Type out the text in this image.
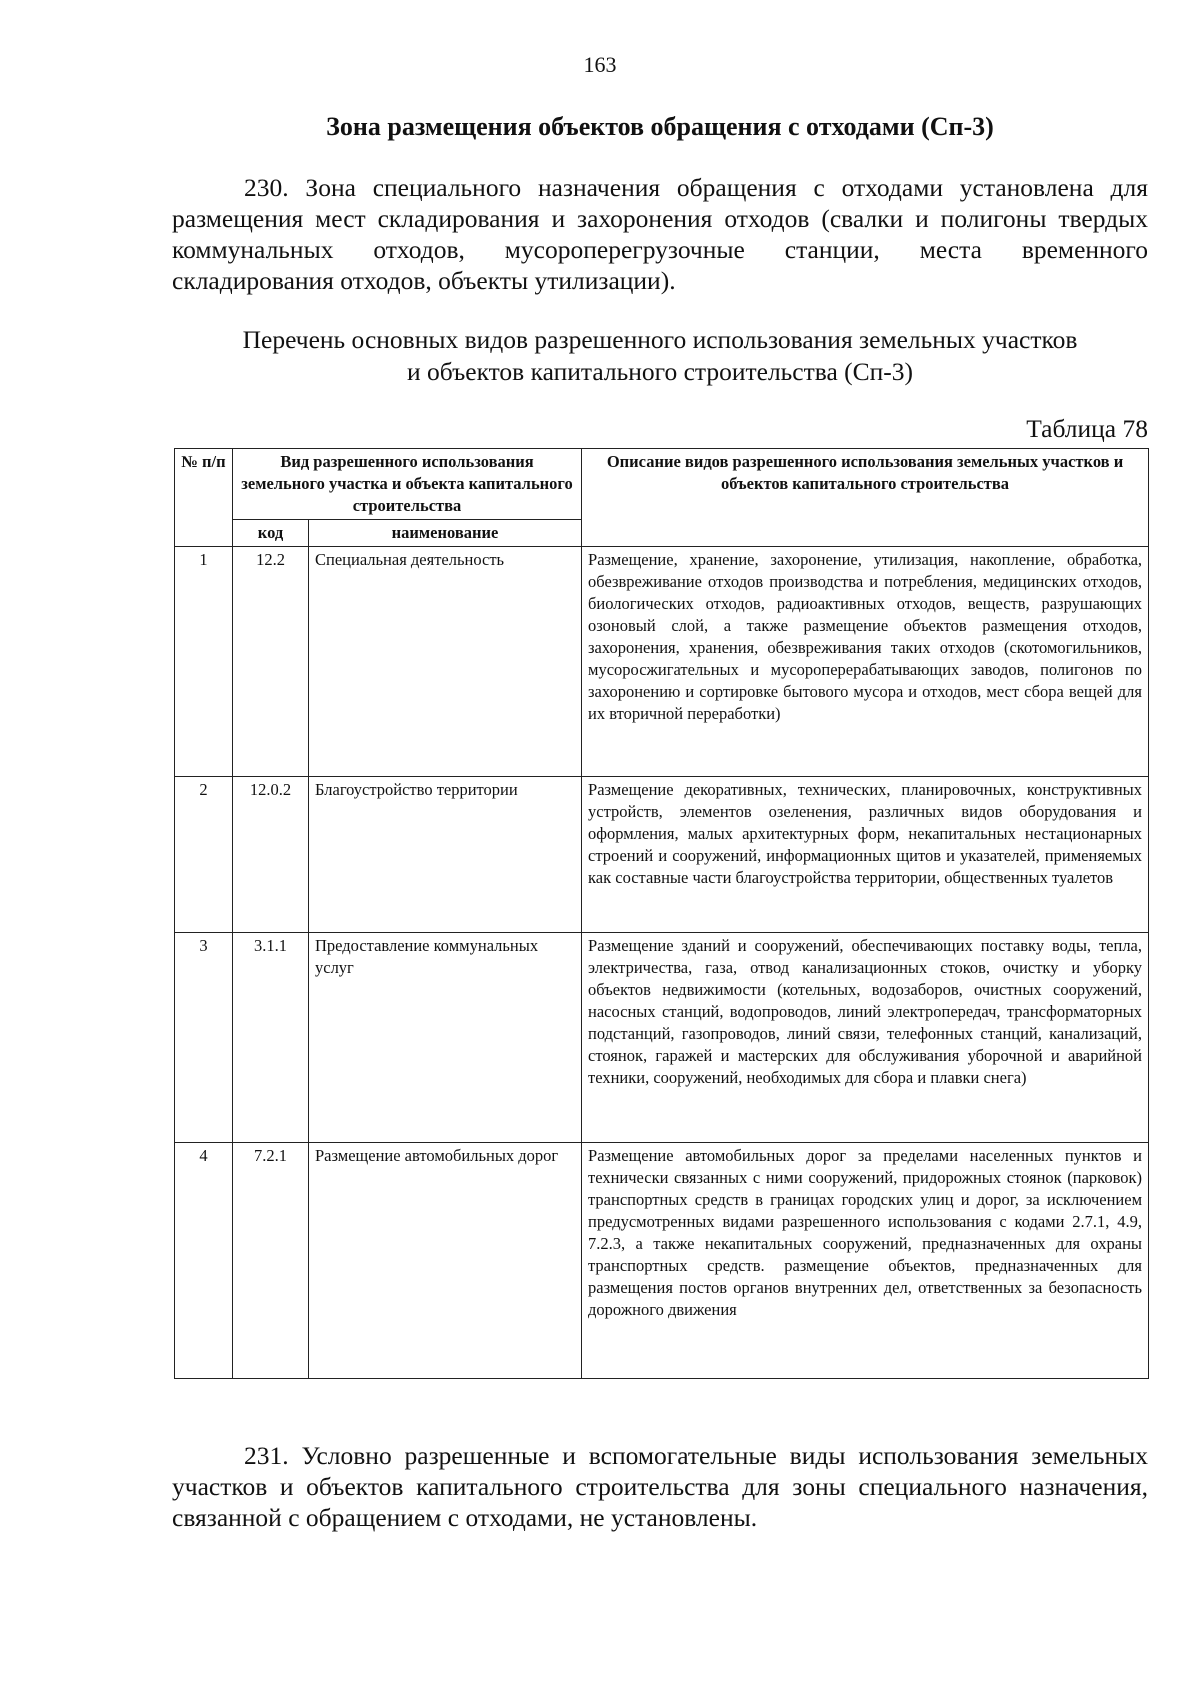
163
Зона размещения объектов обращения с отходами (Сп-3)

230. Зона специального назначения обращения с отходами установлена для размещения мест складирования и захоронения отходов (свалки и полигоны твердых коммунальных отходов, мусороперегрузочные станции, места временного складирования отходов, объекты утилизации).

Перечень основных видов разрешенного использования земельных участков
и объектов капитального строительства (Сп-3)
Таблица 78
№ п/п	Вид разрешенного использования земельного участка и объекта капитального строительства		Описание видов разрешенного использования земельных участков и объектов капитального строительства
	код	наименование	
1	12.2	Специальная деятельность	Размещение, хранение, захоронение, утилизация, накопление, обработка, обезвреживание отходов производства и потребления, медицинских отходов, биологических отходов, радиоактивных отходов, веществ, разрушающих озоновый слой, а также размещение объектов размещения отходов, захоронения, хранения, обезвреживания таких отходов (скотомогильников, мусоросжигательных и мусороперерабатывающих заводов, полигонов по захоронению и сортировке бытового мусора и отходов, мест сбора вещей для их вторичной переработки)
2	12.0.2	Благоустройство территории	Размещение декоративных, технических, планировочных, конструктивных устройств, элементов озеленения, различных видов оборудования и оформления, малых архитектурных форм, некапитальных нестационарных строений и сооружений, информационных щитов и указателей, применяемых как составные части благоустройства территории, общественных туалетов
3	3.1.1	Предоставление коммунальных услуг	Размещение зданий и сооружений, обеспечивающих поставку воды, тепла, электричества, газа, отвод канализационных стоков, очистку и уборку объектов недвижимости (котельных, водозаборов, очистных сооружений, насосных станций, водопроводов, линий электропередач, трансформаторных подстанций, газопроводов, линий связи, телефонных станций, канализаций, стоянок, гаражей и мастерских для обслуживания уборочной и аварийной техники, сооружений, необходимых для сбора и плавки снега)
4	7.2.1	Размещение автомобильных дорог	Размещение автомобильных дорог за пределами населенных пунктов и технически связанных с ними сооружений, придорожных стоянок (парковок) транспортных средств в границах городских улиц и дорог, за исключением предусмотренных видами разрешенного использования с кодами 2.7.1, 4.9, 7.2.3, а также некапитальных сооружений, предназначенных для охраны транспортных средств. размещение объектов, предназначенных для размещения постов органов внутренних дел, ответственных за безопасность дорожного движения

231. Условно разрешенные и вспомогательные виды использования земельных участков и объектов капитального строительства для зоны специального назначения, связанной с обращением с отходами, не установлены.
